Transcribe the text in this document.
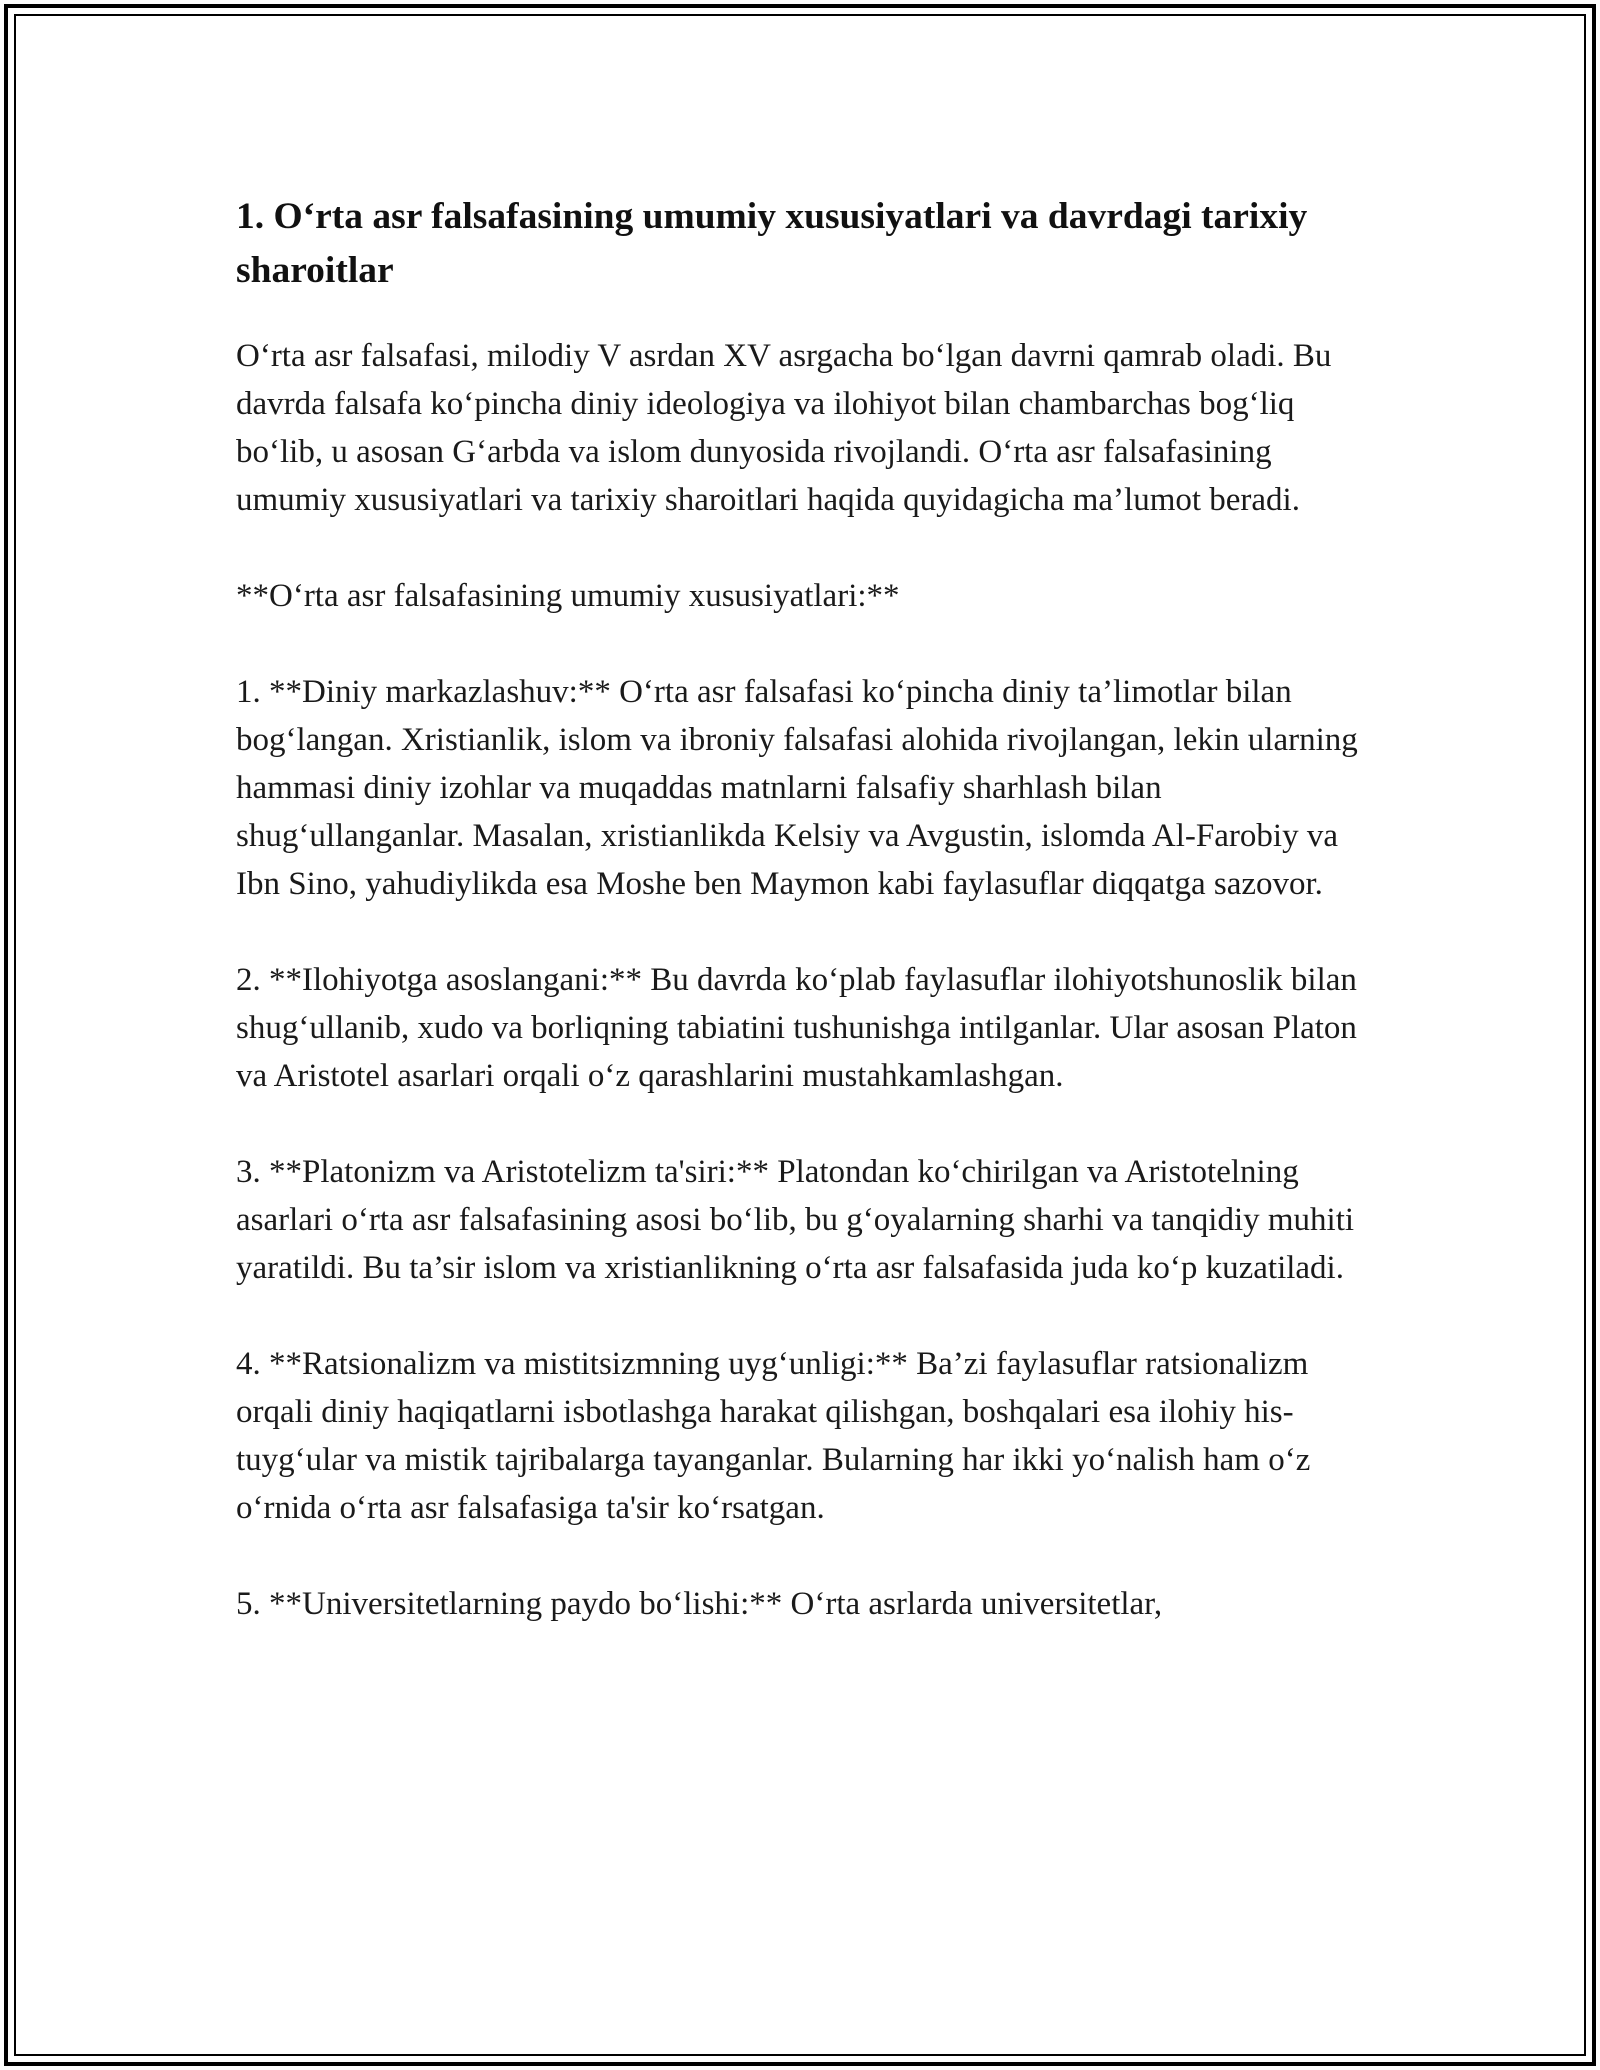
1. O‘rta asr falsafasining umumiy xususiyatlari va davrdagi tarixiy sharoitlar

O‘rta asr falsafasi, milodiy V asrdan XV asrgacha bo‘lgan davrni qamrab oladi. Bu davrda falsafa ko‘pincha diniy ideologiya va ilohiyot bilan chambarchas bog‘liq bo‘lib, u asosan G‘arbda va islom dunyosida rivojlandi. O‘rta asr falsafasining umumiy xususiyatlari va tarixiy sharoitlari haqida quyidagicha ma’lumot beradi.

**O‘rta asr falsafasining umumiy xususiyatlari:**

1. **Diniy markazlashuv:** O‘rta asr falsafasi ko‘pincha diniy ta’limotlar bilan bog‘langan. Xristianlik, islom va ibroniy falsafasi alohida rivojlangan, lekin ularning hammasi diniy izohlar va muqaddas matnlarni falsafiy sharhlash bilan shug‘ullanganlar. Masalan, xristianlikda Kelsiy va Avgustin, islomda Al-Farobiy va Ibn Sino, yahudiylikda esa Moshe ben Maymon kabi faylasuflar diqqatga sazovor.

2. **Ilohiyotga asoslangani:** Bu davrda ko‘plab faylasuflar ilohiyotshunoslik bilan shug‘ullanib, xudo va borliqning tabiatini tushunishga intilganlar. Ular asosan Platon va Aristotel asarlari orqali o‘z qarashlarini mustahkamlashgan.

3. **Platonizm va Aristotelizm ta'siri:** Platondan ko‘chirilgan va Aristotelning asarlari o‘rta asr falsafasining asosi bo‘lib, bu g‘oyalarning sharhi va tanqidiy muhiti yaratildi. Bu ta’sir islom va xristianlikning o‘rta asr falsafasida juda ko‘p kuzatiladi.

4. **Ratsionalizm va mistitsizmning uyg‘unligi:** Ba’zi faylasuflar ratsionalizm orqali diniy haqiqatlarni isbotlashga harakat qilishgan, boshqalari esa ilohiy his-tuyg‘ular va mistik tajribalarga tayanganlar. Bularning har ikki yo‘nalish ham o‘z o‘rnida o‘rta asr falsafasiga ta'sir ko‘rsatgan.

5. **Universitetlarning paydo bo‘lishi:** O‘rta asrlarda universitetlar,
